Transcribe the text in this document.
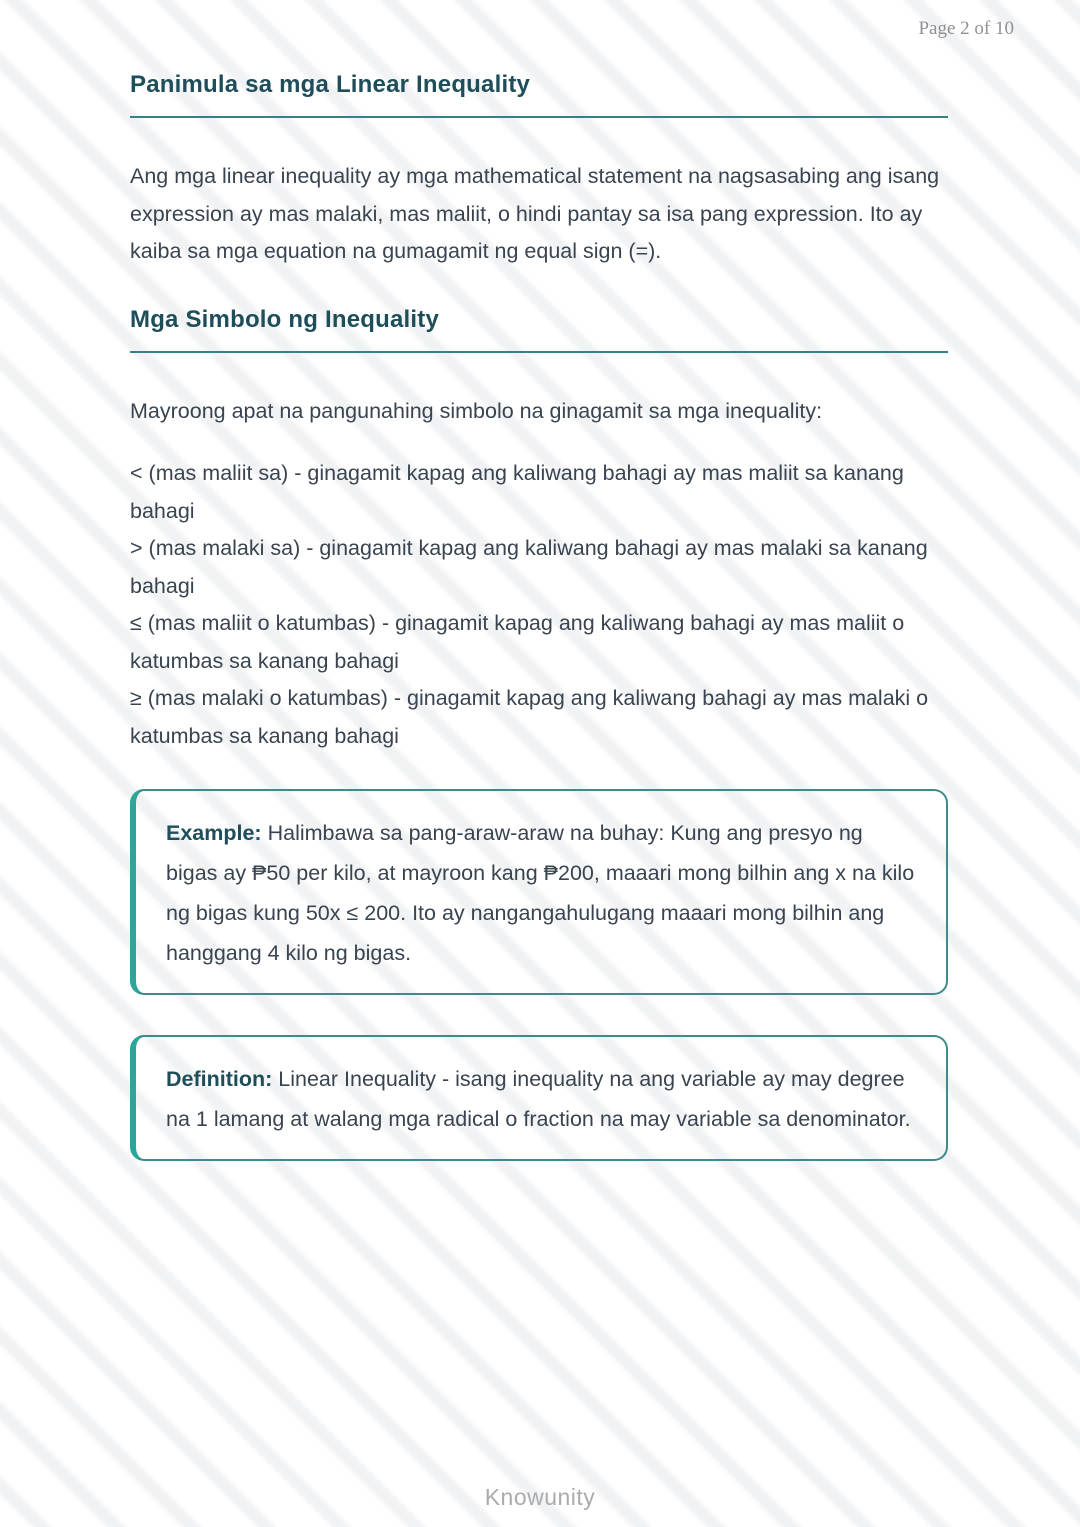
Page 2 of 10
Panimula sa mga Linear Inequality

Ang mga linear inequality ay mga mathematical statement na nagsasabing ang isang expression ay mas malaki, mas maliit, o hindi pantay sa isa pang expression. Ito ay kaiba sa mga equation na gumagamit ng equal sign (=).

Mga Simbolo ng Inequality

Mayroong apat na pangunahing simbolo na ginagamit sa mga inequality:

< (mas maliit sa) - ginagamit kapag ang kaliwang bahagi ay mas maliit sa kanang bahagi

> (mas malaki sa) - ginagamit kapag ang kaliwang bahagi ay mas malaki sa kanang bahagi

≤ (mas maliit o katumbas) - ginagamit kapag ang kaliwang bahagi ay mas maliit o katumbas sa kanang bahagi

≥ (mas malaki o katumbas) - ginagamit kapag ang kaliwang bahagi ay mas malaki o katumbas sa kanang bahagi

Example: Halimbawa sa pang-araw-araw na buhay: Kung ang presyo ng bigas ay ₱50 per kilo, at mayroon kang ₱200, maaari mong bilhin ang x na kilo ng bigas kung 50x ≤ 200. Ito ay nangangahulugang maaari mong bilhin ang hanggang 4 kilo ng bigas.

Definition: Linear Inequality - isang inequality na ang variable ay may degree na 1 lamang at walang mga radical o fraction na may variable sa denominator.

Knowunity
